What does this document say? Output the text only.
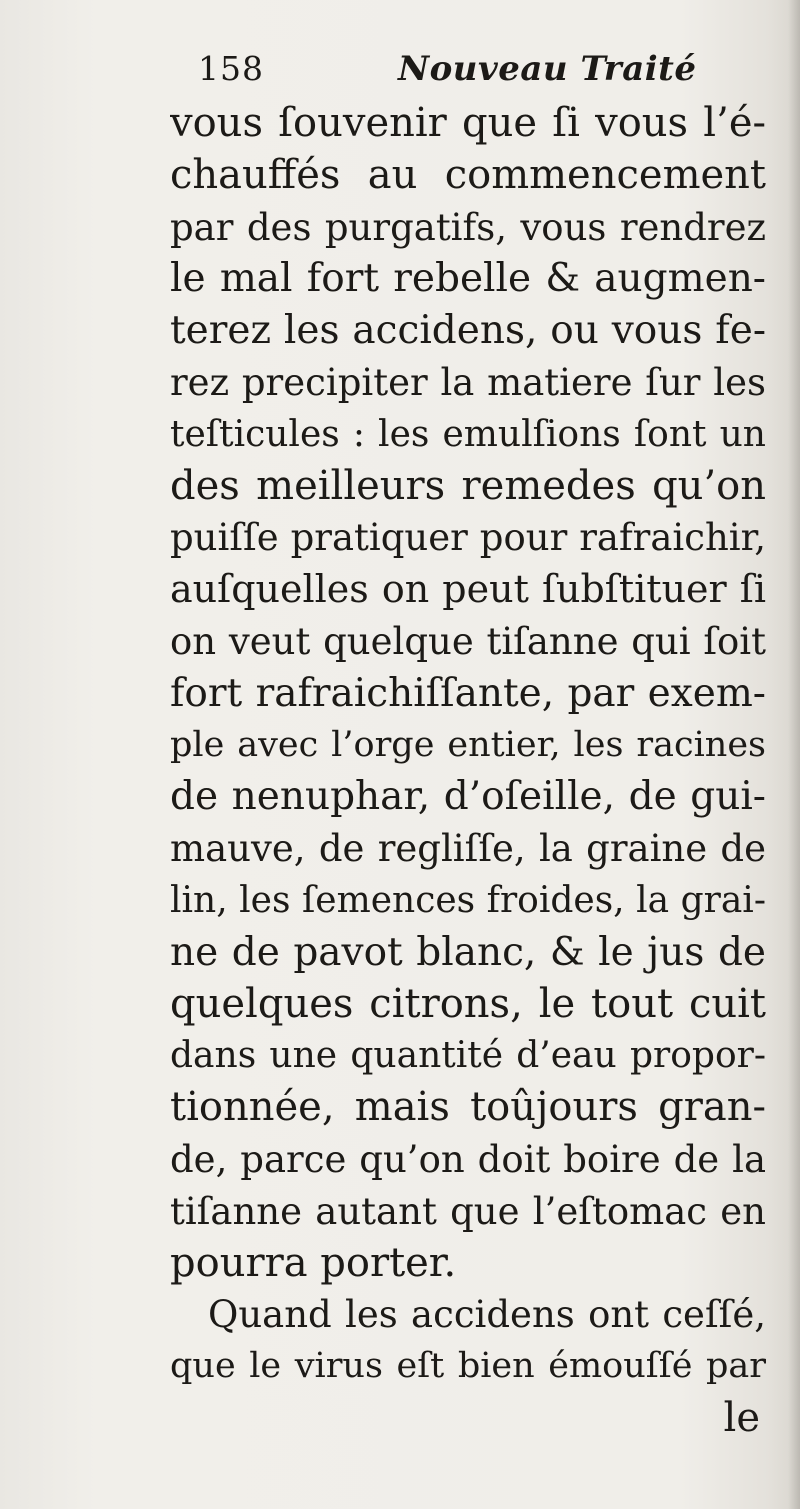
158	Nouveau Traité
vous ſouvenir que ſi vous l’é-
chauffés au commencement
par des purgatifs, vous rendrez
le mal fort rebelle & augmen-
terez les accidens, ou vous fe-
rez precipiter la matiere ſur les
teſticules : les emulſions ſont un
des meilleurs remedes qu’on
puiſſe pratiquer pour rafraichir,
auſquelles on peut ſubſtituer ſi
on veut quelque tiſanne qui ſoit
fort rafraichiſſante, par exem-
ple avec l’orge entier, les racines
de nenuphar, d’oſeille, de gui-
mauve, de regliſſe, la graine de
lin, les ſemences froides, la grai-
ne de pavot blanc, & le jus de
quelques citrons, le tout cuit
dans une quantité d’eau propor-
tionnée, mais toûjours gran-
de, parce qu’on doit boire de la
tiſanne autant que l’eſtomac en
pourra porter.
Quand les accidens ont ceſſé,
que le virus eſt bien émouſſé par
le
